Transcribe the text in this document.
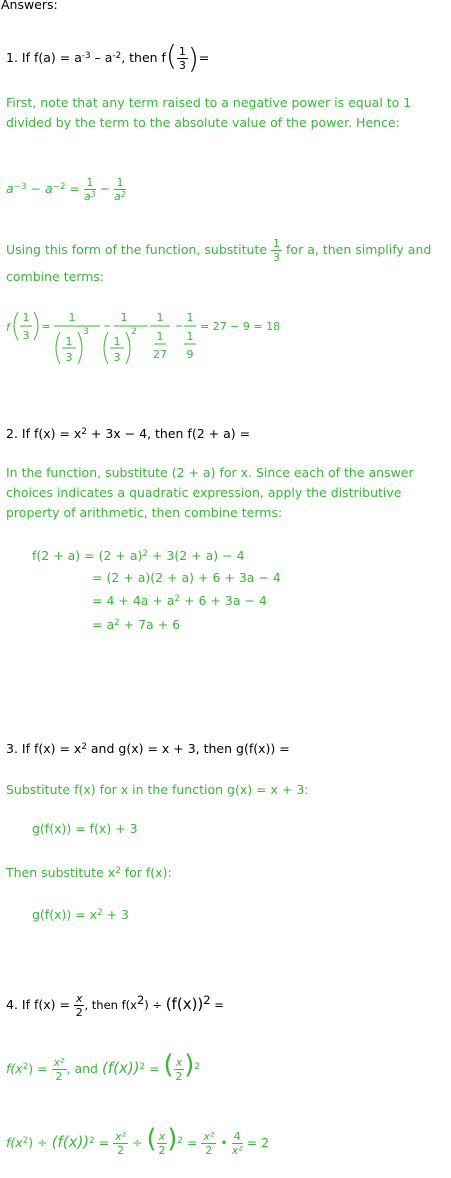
Answers:
1. If $f(a) = a^{-3} - a^{-2}$, then $f( \frac{1}{3}$ )=
First, note that any term raised to a negative power is equal to 1 divided by the term to the absolute value of the power. Hence:
$a^{-3} - a^{-2} = \frac{1}{a^3} - \frac{1}{a^2}$
Using this form of the function, substitute $\frac{1}{3}$ for a, then simplify and
combine terms:
f
1
3
=
1
1
3
3
1
1
3
2
1
1
27
1
1
9
= 27 − 9 = 18
2. If $f(x) = x^2 + 3x - 4$, then f(2 + a) =
In the function, substitute (2 + a) for x. Since each of the answer choices indicates a quadratic expression, apply the distributive property of arithmetic, then combine terms:
$f(2 + a) = (2 + a)^2 + 3(2 + a) - 4$
= (2 + a)(2 + a) + 6 + 3a − 4
= $4 + 4a + a^2 + 6 + 3a - 4$
= $a^2 + 7a + 6$
3. If $f(x) = x^2$ and g(x) = x + 3, then g(f(x)) =
Substitute f(x) for x in the function g(x) = x + 3:
g(f(x)) = f(x) + 3
Then substitute $x^2$ for f(x):
$g(f(x)) = x^2 + 3$
4. If $f(x) = \frac{x}{2}$ , then $f(x^2) \div (f(x))^2$ =
$f(x^2) = \frac{\text{x²}}{2}$ , and $(f(x))^2$ = ( $\frac{x}{2} )^2$
$f(x^2) \div (f(x))^2 = \frac{\text{x²}}{2}$ ÷ ( $\frac{x}{2} )^2 = \frac{\text{x²}}{2}$ • $\frac{4}{\text{x²}} = 2$
